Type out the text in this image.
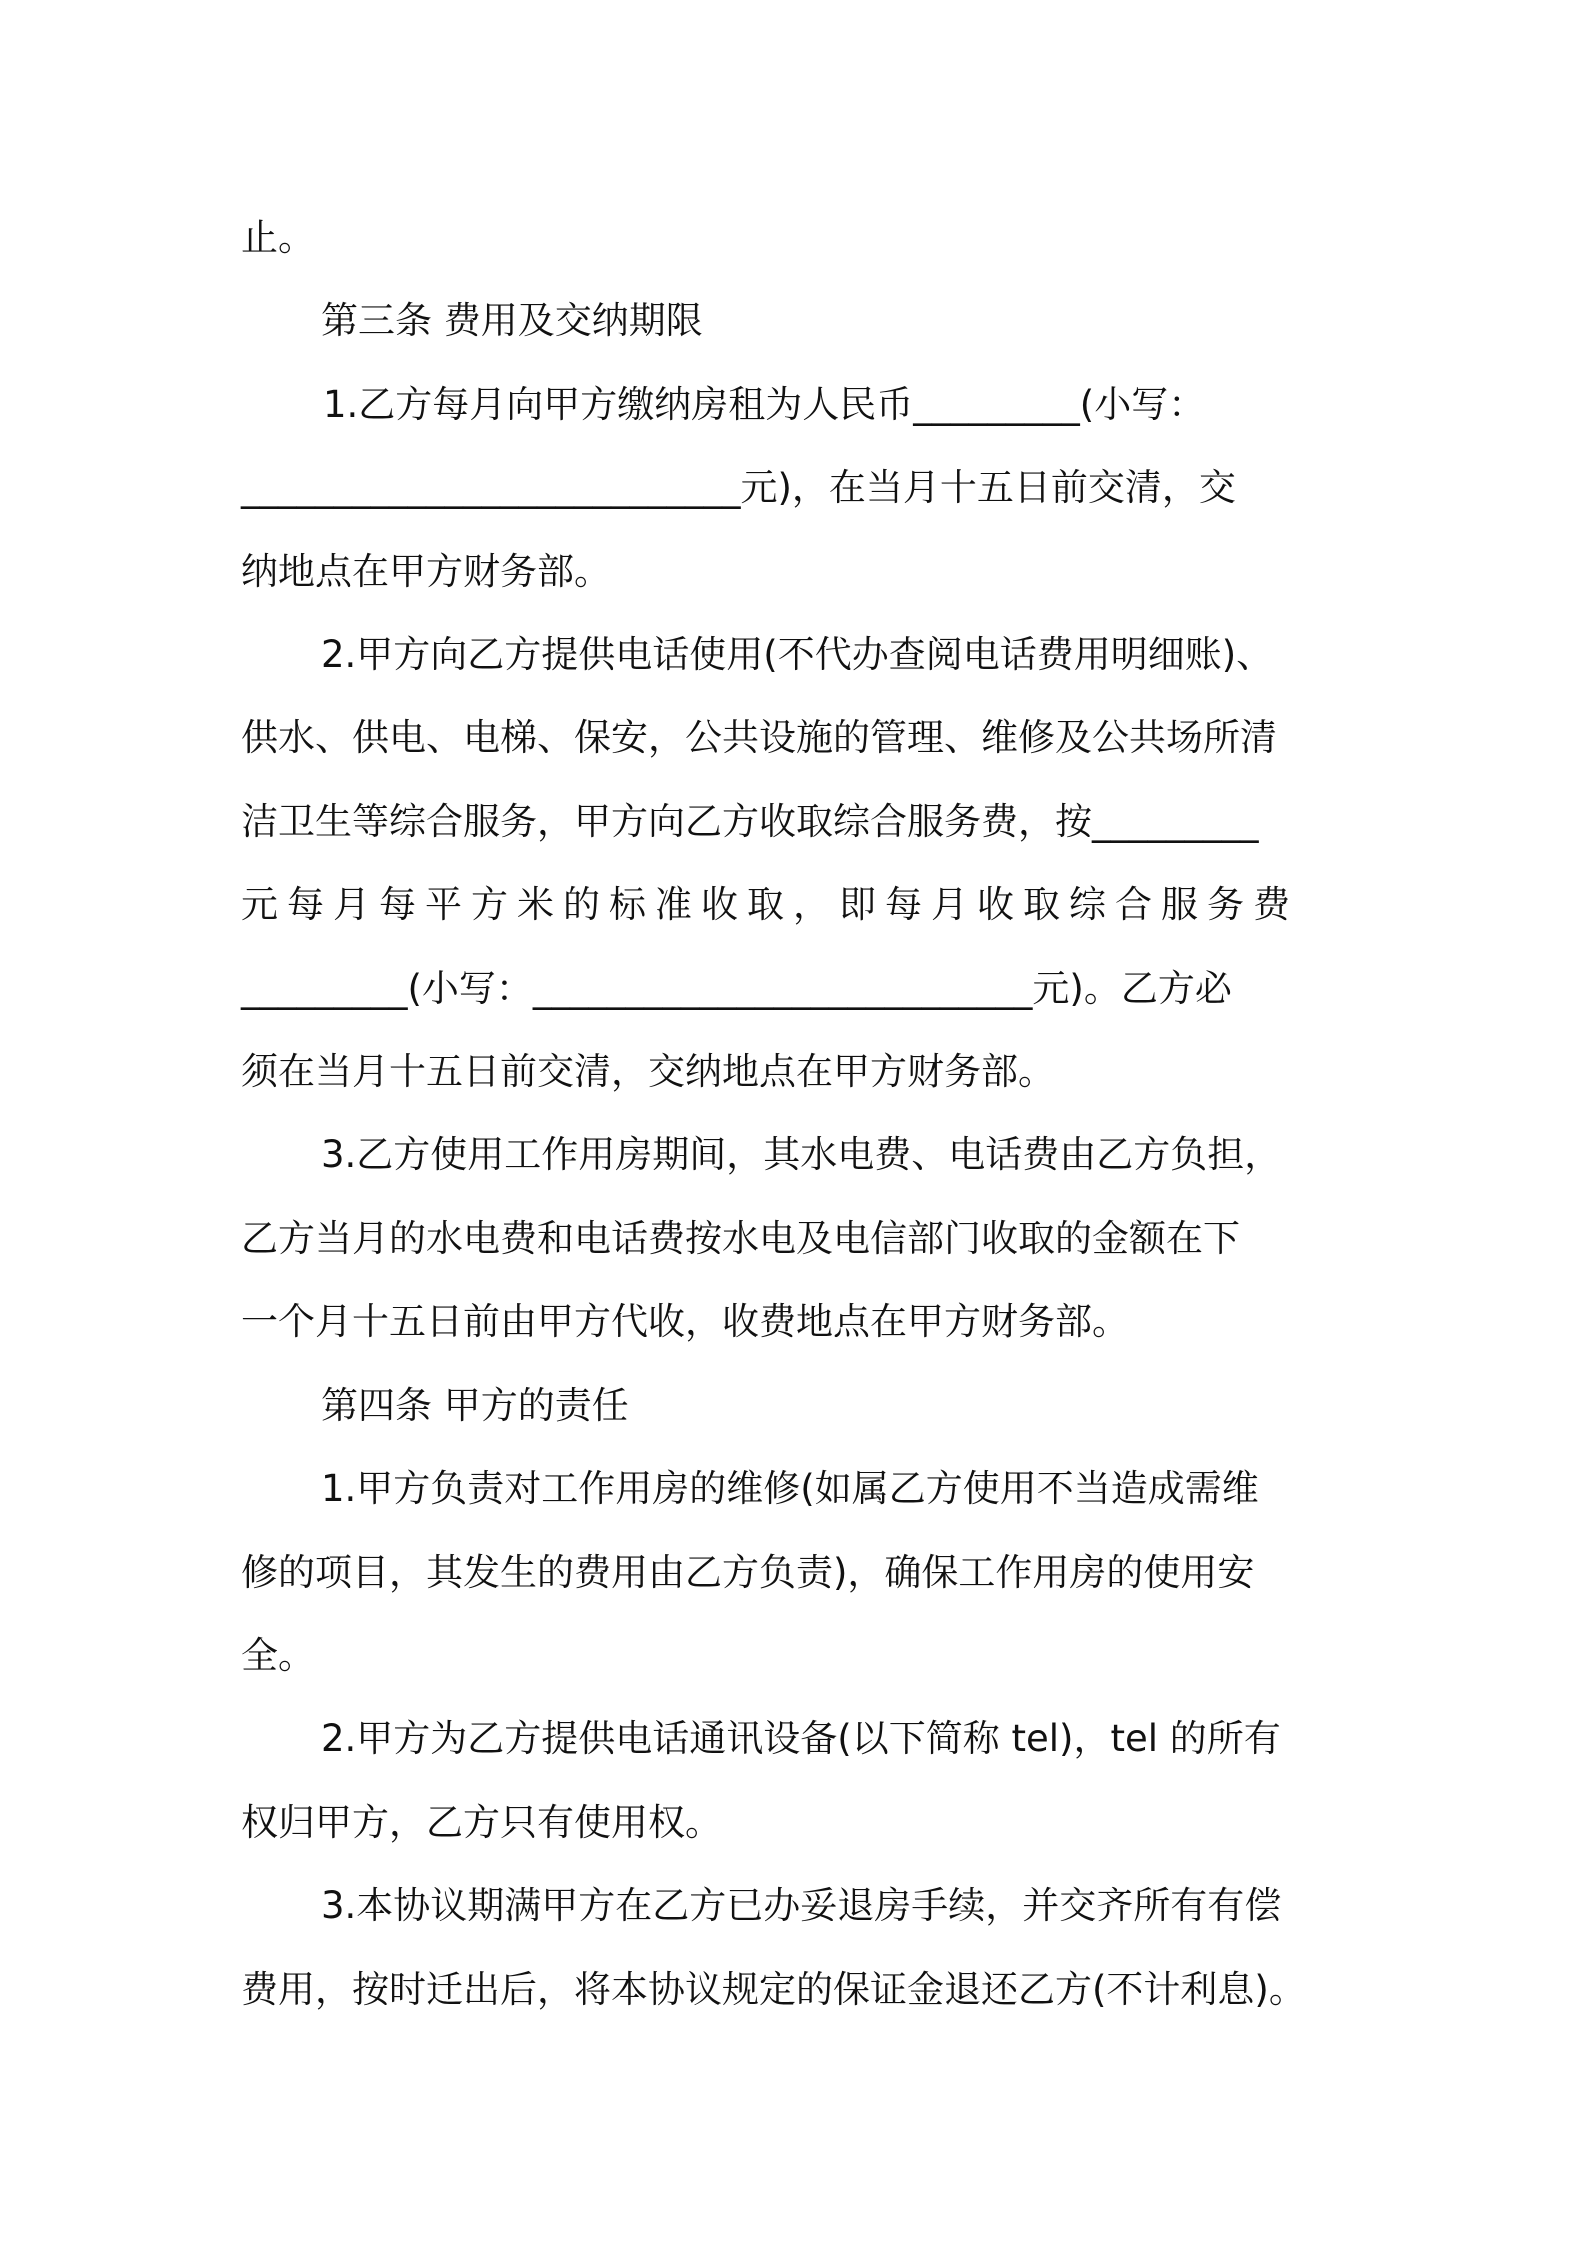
止。
第三条 费用及交纳期限
1.乙方每月向甲方缴纳房租为人民币_________(小写：
___________________________元)，在当月十五日前交清，交
纳地点在甲方财务部。
2.甲方向乙方提供电话使用(不代办查阅电话费用明细账)、
供水、供电、电梯、保安，公共设施的管理、维修及公共场所清
洁卫生等综合服务，甲方向乙方收取综合服务费，按_________
元每月每平方米的标准收取，即每月收取综合服务费
_________(小写：___________________________元)。乙方必
须在当月十五日前交清，交纳地点在甲方财务部。
3.乙方使用工作用房期间，其水电费、电话费由乙方负担，
乙方当月的水电费和电话费按水电及电信部门收取的金额在下
一个月十五日前由甲方代收，收费地点在甲方财务部。
第四条 甲方的责任
1.甲方负责对工作用房的维修(如属乙方使用不当造成需维
修的项目，其发生的费用由乙方负责)，确保工作用房的使用安
全。
2.甲方为乙方提供电话通讯设备(以下简称 tel)，tel 的所有
权归甲方，乙方只有使用权。
3.本协议期满甲方在乙方已办妥退房手续，并交齐所有有偿
费用，按时迁出后，将本协议规定的保证金退还乙方(不计利息)。
